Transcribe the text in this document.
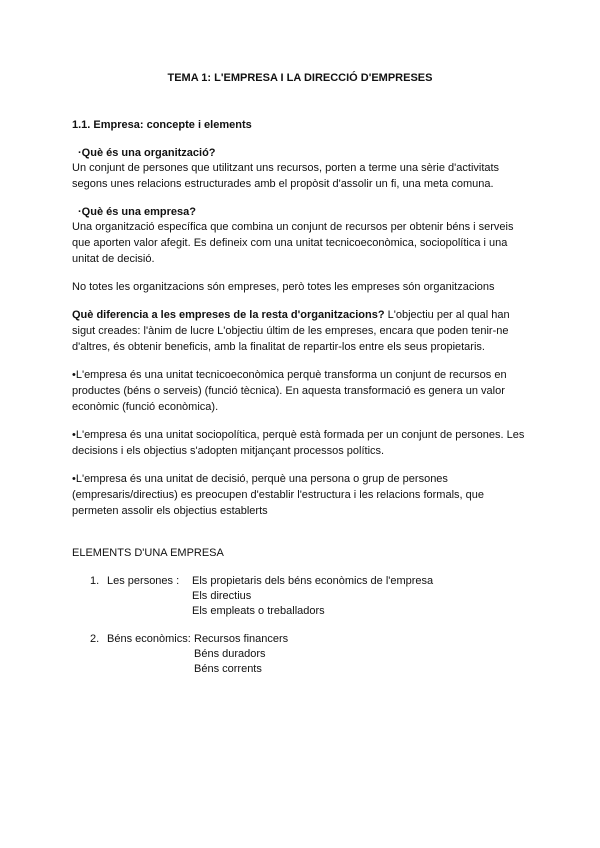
TEMA 1: L'EMPRESA I LA DIRECCIÓ D'EMPRESES
1.1. Empresa: concepte i elements
·Què és una organització?
Un conjunt de persones que utilitzant uns recursos, porten a terme una sèrie d'activitats
segons unes relacions estructurades amb el propòsit d'assolir un fi, una meta comuna.
·Què és una empresa?
Una organització específica que combina un conjunt de recursos per obtenir béns i serveis
que aporten valor afegit. Es defineix com una unitat tecnicoeconòmica, sociopolítica i una
unitat de decisió.
No totes les organitzacions són empreses, però totes les empreses són organitzacions
Què diferencia a les empreses de la resta d'organitzacions? L'objectiu per al qual han
sigut creades: l'ànim de lucre L'objectiu últim de les empreses, encara que poden tenir-ne
d'altres, és obtenir beneficis, amb la finalitat de repartir-los entre els seus propietaris.
•L'empresa és una unitat tecnicoeconòmica perquè transforma un conjunt de recursos en
productes (béns o serveis) (funció tècnica). En aquesta transformació es genera un valor
econòmic (funció econòmica).
•L'empresa és una unitat sociopolítica, perquè està formada per un conjunt de persones. Les
decisions i els objectius s'adopten mitjançant processos polítics.
•L'empresa és una unitat de decisió, perquè una persona o grup de persones
(empresaris/directius) es preocupen d'establir l'estructura i les relacions formals, que
permeten assolir els objectius establerts
ELEMENTS D'UNA EMPRESA
1. Les persones : Els propietaris dels béns econòmics de l'empresa
Els directius
Els empleats o treballadors
2. Béns econòmics: Recursos financers
Béns duradors
Béns corrents
